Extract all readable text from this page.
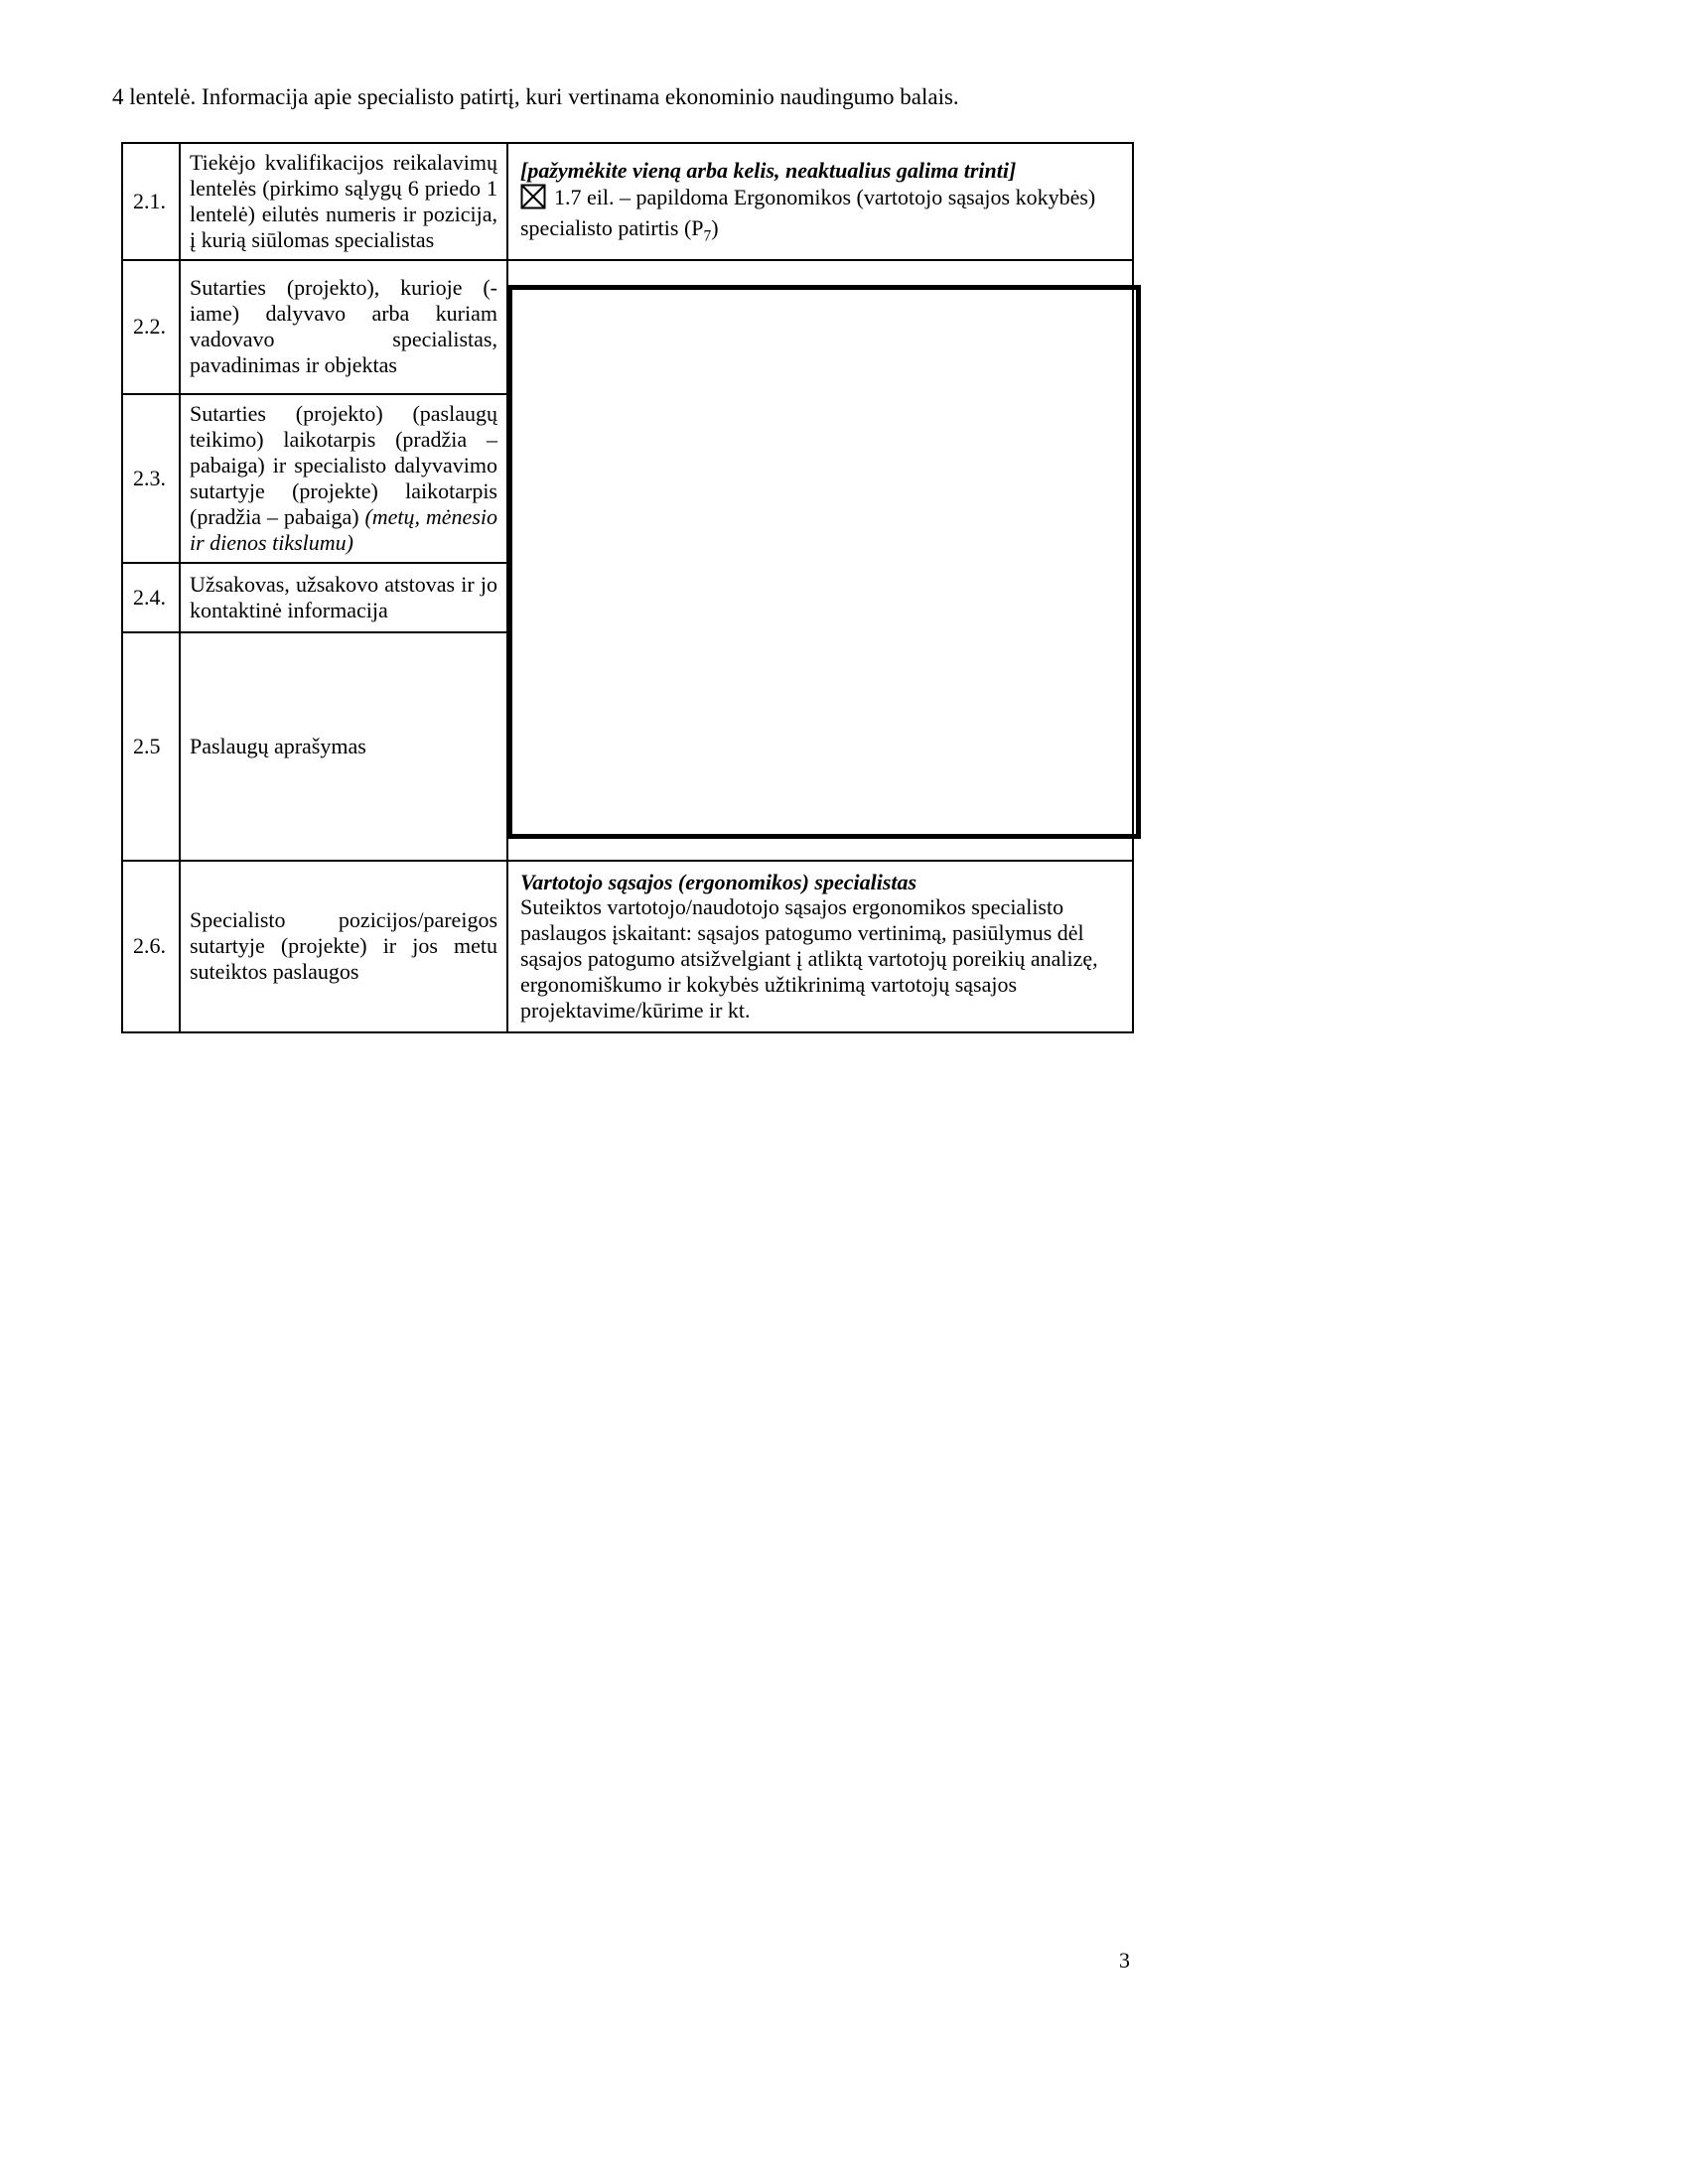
4 lentelė. Informacija apie specialisto patirtį, kuri vertinama ekonominio naudingumo balais.
2.1.	Tiekėjo kvalifikacijos reikalavimų lentelės (pirkimo sąlygų 6 priedo 1 lentelė) eilutės numeris ir pozicija, į kurią siūlomas specialistas	[pažymėkite vieną arba kelis, neaktualius galima trinti]
1.7 eil. – papildoma Ergonomikos (vartotojo sąsajos kokybės) specialisto patirtis $(P_7)$

2.2.	Sutarties (projekto), kurioje (-iame) dalyvavo arba kuriam vadovavo specialistas, pavadinimas ir objektas	

2.3.	Sutarties (projekto) (paslaugų teikimo) laikotarpis (pradžia – pabaiga) ir specialisto dalyvavimo sutartyje (projekte) laikotarpis (pradžia – pabaiga) (metų, mėnesio ir dienos tikslumu)	
2.4.	Užsakovas, užsakovo atstovas ir jo kontaktinė informacija	
2.5	Paslaugų aprašymas	
2.6.	Specialisto pozicijos/pareigos sutartyje (projekte) ir jos metu suteiktos paslaugos	Vartotojo sąsajos (ergonomikos) specialistas
Suteiktos vartotojo/naudotojo sąsajos ergonomikos specialisto paslaugos įskaitant: sąsajos patogumo vertinimą, pasiūlymus dėl sąsajos patogumo atsižvelgiant į atliktą vartotojų poreikių analizę, ergonomiškumo ir kokybės užtikrinimą vartotojų sąsajos projektavime/kūrime ir kt.
3
